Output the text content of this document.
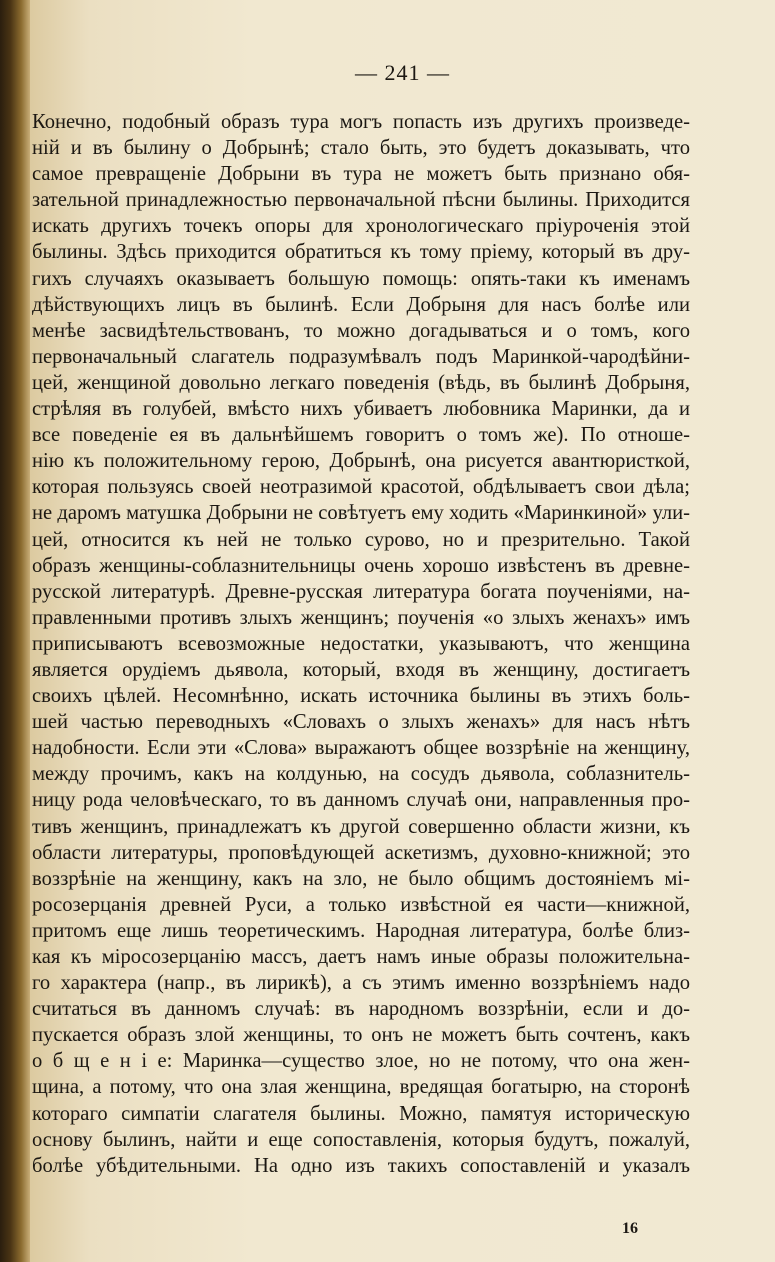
— 241 —
Конечно, подобный образъ тура могъ попасть изъ другихъ произведе-
ній и въ былину о Добрынѣ; стало быть, это будетъ доказывать, что
самое превращеніе Добрыни въ тура не можетъ быть признано обя-
зательной принадлежностью первоначальной пѣсни былины. Приходится
искать другихъ точекъ опоры для хронологическаго пріуроченія этой
былины. Здѣсь приходится обратиться къ тому пріему, который въ дру-
гихъ случаяхъ оказываетъ большую помощь: опять-таки къ именамъ
дѣйствующихъ лицъ въ былинѣ. Если Добрыня для насъ болѣе или
менѣе засвидѣтельствованъ, то можно догадываться и о томъ, кого
первоначальный слагатель подразумѣвалъ подъ Маринкой-чародѣйни-
цей, женщиной довольно легкаго поведенія (вѣдь, въ былинѣ Добрыня,
стрѣляя въ голубей, вмѣсто нихъ убиваетъ любовника Маринки, да и
все поведеніе ея въ дальнѣйшемъ говоритъ о томъ же). По отноше-
нію къ положительному герою, Добрынѣ, она рисуется авантюристкой,
которая пользуясь своей неотразимой красотой, обдѣлываетъ свои дѣла;
не даромъ матушка Добрыни не совѣтуетъ ему ходить «Маринкиной» ули-
цей, относится къ ней не только сурово, но и презрительно. Такой
образъ женщины-соблазнительницы очень хорошо извѣстенъ въ древне-
русской литературѣ. Древне-русская литература богата поученіями, на-
правленными противъ злыхъ женщинъ; поученія «о злыхъ женахъ» имъ
приписываютъ всевозможные недостатки, указываютъ, что женщина
является орудіемъ дьявола, который, входя въ женщину, достигаетъ
своихъ цѣлей. Несомнѣнно, искать источника былины въ этихъ боль-
шей частью переводныхъ «Словахъ о злыхъ женахъ» для насъ нѣтъ
надобности. Если эти «Слова» выражаютъ общее воззрѣніе на женщину,
между прочимъ, какъ на колдунью, на сосудъ дьявола, соблазнитель-
ницу рода человѣческаго, то въ данномъ случаѣ они, направленныя про-
тивъ женщинъ, принадлежатъ къ другой совершенно области жизни, къ
области литературы, проповѣдующей аскетизмъ, духовно-книжной; это
воззрѣніе на женщину, какъ на зло, не было общимъ достояніемъ мі-
росозерцанія древней Руси, а только извѣстной ея части—книжной,
притомъ еще лишь теоретическимъ. Народная литература, болѣе близ-
кая къ міросозерцанію массъ, даетъ намъ иные образы положительна-
го характера (напр., въ лирикѣ), а съ этимъ именно воззрѣніемъ надо
считаться въ данномъ случаѣ: въ народномъ воззрѣніи, если и до-
пускается образъ злой женщины, то онъ не можетъ быть сочтенъ, какъ
о б щ е н і е: Маринка—существо злое, но не потому, что она жен-
щина, а потому, что она злая женщина, вредящая богатырю, на сторонѣ
котораго симпатіи слагателя былины. Можно, памятуя историческую
основу былинъ, найти и еще сопоставленія, которыя будутъ, пожалуй,
болѣе убѣдительными. На одно изъ такихъ сопоставленій и указалъ
16
